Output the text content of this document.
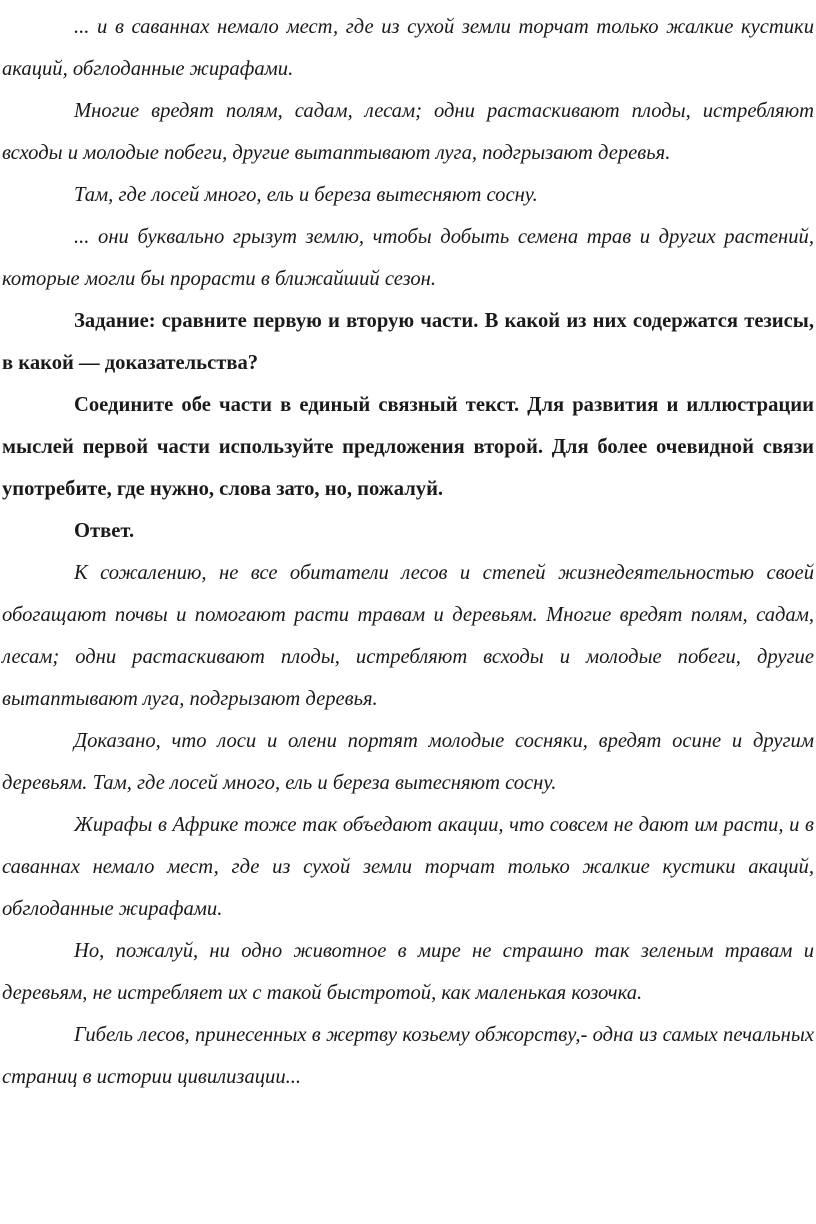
... и в саваннах немало мест, где из сухой земли торчат только жалкие кустики акаций, обглоданные жирафами.

Многие вредят полям, садам, лесам; одни растаскивают плоды, истребляют всходы и молодые побеги, другие вытаптывают луга, подгрызают деревья.

Там, где лосей много, ель и береза вытесняют сосну.

... они буквально грызут землю, чтобы добыть семена трав и других растений, которые могли бы прорасти в ближайший сезон.

Задание: сравните первую и вторую части. В какой из них содержатся тезисы, в какой — доказательства?

Соедините обе части в единый связный текст. Для развития и иллюстрации мыслей первой части используйте предложения второй. Для более очевидной связи употребите, где нужно, слова зато, но, пожалуй.

Ответ.

К сожалению, не все обитатели лесов и степей жизнедеятельностью своей обогащают почвы и помогают расти травам и деревьям. Многие вредят полям, садам, лесам; одни растаскивают плоды, истребляют всходы и молодые побеги, другие вытаптывают луга, подгрызают деревья.

Доказано, что лоси и олени портят молодые сосняки, вредят осине и другим деревьям. Там, где лосей много, ель и береза вытесняют сосну.

Жирафы в Африке тоже так объедают акации, что совсем не дают им расти, и в саваннах немало мест, где из сухой земли торчат только жалкие кустики акаций, обглоданные жирафами.

Но, пожалуй, ни одно животное в мире не страшно так зеленым травам и деревьям, не истребляет их с такой быстротой, как маленькая козочка.

Гибель лесов, принесенных в жертву козьему обжорству,- одна из самых печальных страниц в истории цивилизации...
